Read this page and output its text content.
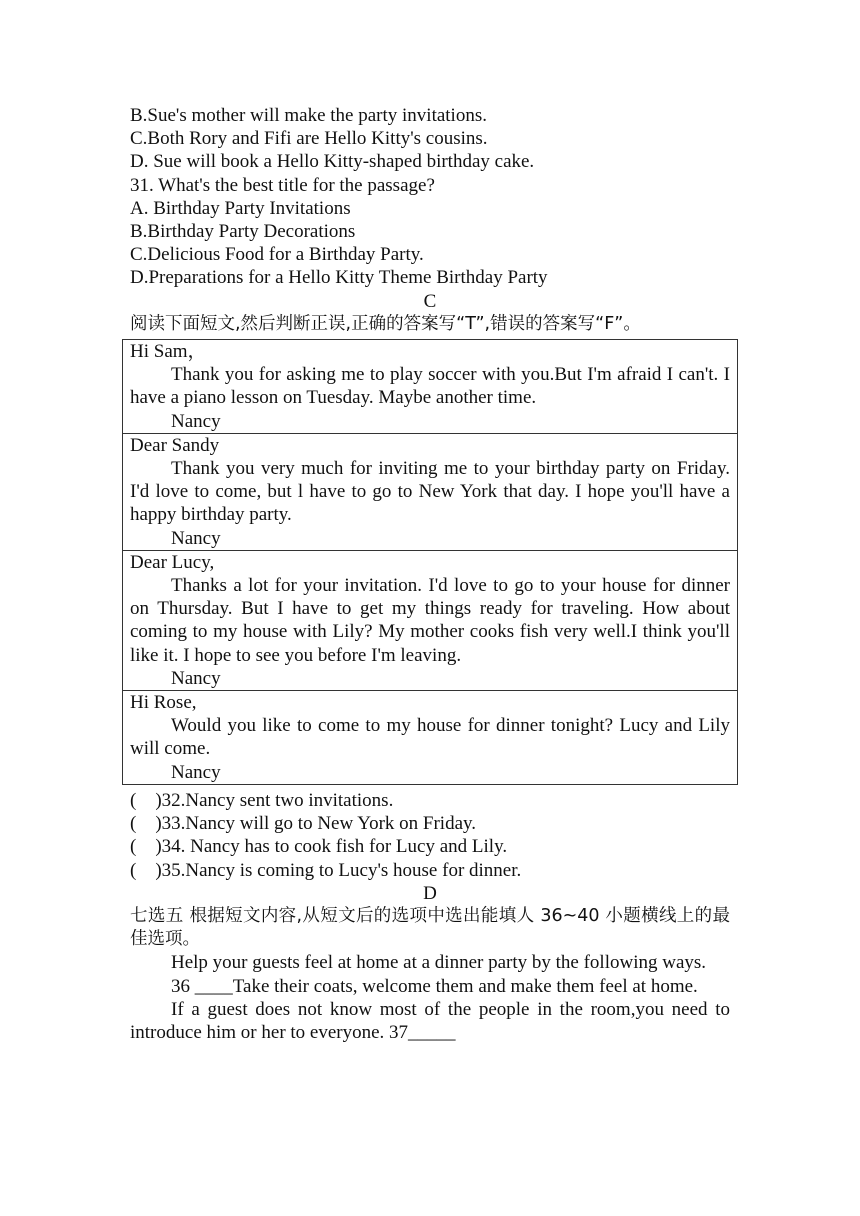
B.Sue's mother will make the party invitations.
C.Both Rory and Fifi are Hello Kitty's cousins.
D. Sue will book a Hello Kitty-shaped birthday cake.
31. What's the best title for the passage?
A. Birthday Party Invitations
B.Birthday Party Decorations
C.Delicious Food for a Birthday Party.
D.Preparations for a Hello Kitty Theme Birthday Party
C
阅读下面短文,然后判断正误,正确的答案写“T”,错误的答案写“F”。
Hi Sam，
Thank you for asking me to play soccer with you.But I'm afraid I can't. I have a piano lesson on Tuesday. Maybe another time.
Nancy

Dear Sandy
Thank you very much for inviting me to your birthday party on Friday. I'd love to come, but l have to go to New York that day. I hope you'll have a happy birthday party.
Nancy

Dear Lucy,
Thanks a lot for your invitation. I'd love to go to your house for dinner on Thursday. But I have to get my things ready for traveling. How about coming to my house with Lily? My mother cooks fish very well.I think you'll like it. I hope to see you before I'm leaving.
Nancy

Hi Rose,
Would you like to come to my house for dinner tonight? Lucy and Lily will come.
Nancy
(    )32.Nancy sent two invitations.
(    )33.Nancy will go to New York on Friday.
(    )34. Nancy has to cook fish for Lucy and Lily.
(    )35.Nancy is coming to Lucy's house for dinner.
D
七选五 根据短文内容,从短文后的选项中选出能填人 36~40 小题横线上的最佳选项。
Help your guests feel at home at a dinner party by the following ways.
36 ____Take their coats, welcome them and make them feel at home.
If a guest does not know most of the people in the room,you need to introduce him or her to everyone. 37_____
